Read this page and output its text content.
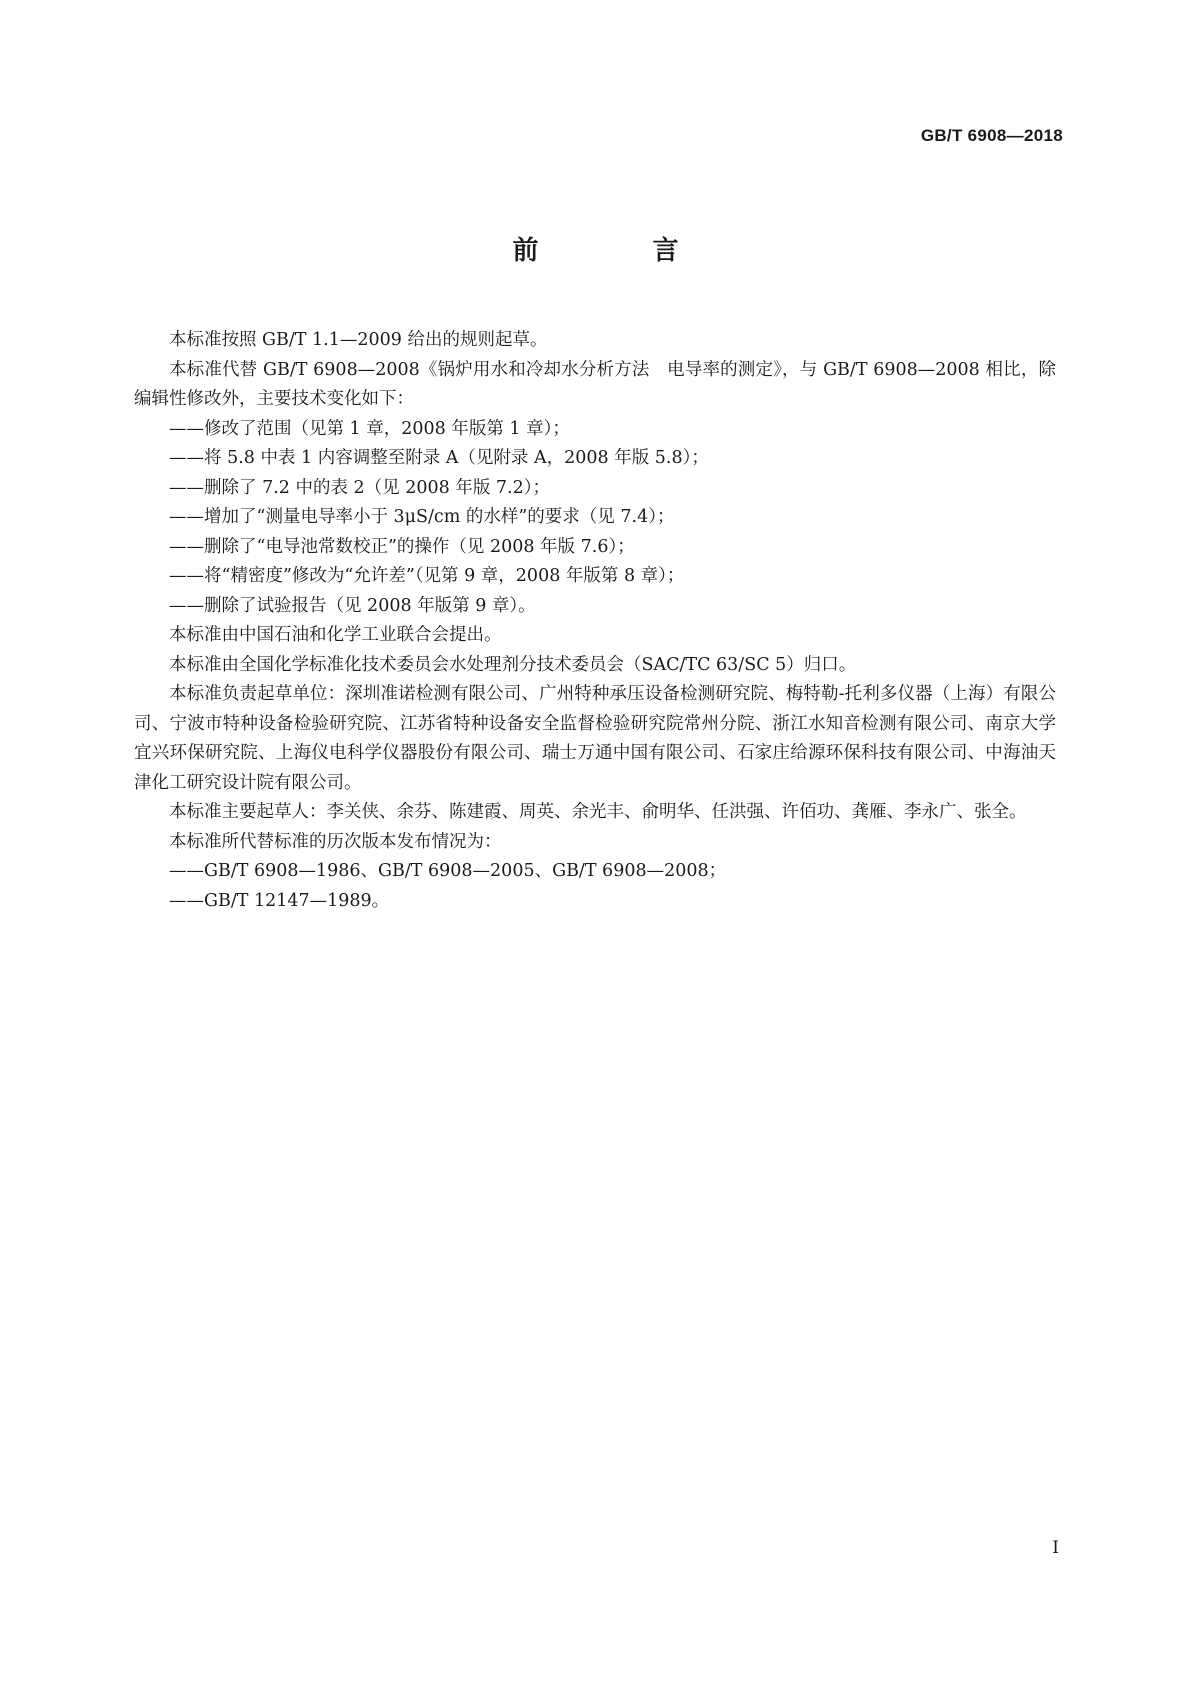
GB/T 6908—2018
前　言

本标准按照 GB/T 1.1—2009 给出的规则起草。

本标准代替 GB/T 6908—2008《锅炉用水和冷却水分析方法　电导率的测定》，与 GB/T 6908—2008 相比，除编辑性修改外，主要技术变化如下：

——修改了范围（见第 1 章，2008 年版第 1 章）；

——将 5.8 中表 1 内容调整至附录 A（见附录 A，2008 年版 5.8）；

——删除了 7.2 中的表 2（见 2008 年版 7.2）；

——增加了“测量电导率小于 3μS/cm 的水样”的要求（见 7.4）；

——删除了“电导池常数校正”的操作（见 2008 年版 7.6）；

——将“精密度”修改为“允许差”（见第 9 章，2008 年版第 8 章）；

——删除了试验报告（见 2008 年版第 9 章）。

本标准由中国石油和化学工业联合会提出。

本标准由全国化学标准化技术委员会水处理剂分技术委员会（SAC/TC 63/SC 5）归口。

本标准负责起草单位：深圳准诺检测有限公司、广州特种承压设备检测研究院、梅特勒-托利多仪器（上海）有限公司、宁波市特种设备检验研究院、江苏省特种设备安全监督检验研究院常州分院、浙江水知音检测有限公司、南京大学宜兴环保研究院、上海仪电科学仪器股份有限公司、瑞士万通中国有限公司、石家庄给源环保科技有限公司、中海油天津化工研究设计院有限公司。

本标准主要起草人：李关侠、余芬、陈建霞、周英、余光丰、俞明华、任洪强、许佰功、龚雁、李永广、张全。

本标准所代替标准的历次版本发布情况为：

——GB/T 6908—1986、GB/T 6908—2005、GB/T 6908—2008；

——GB/T 12147—1989。

I
